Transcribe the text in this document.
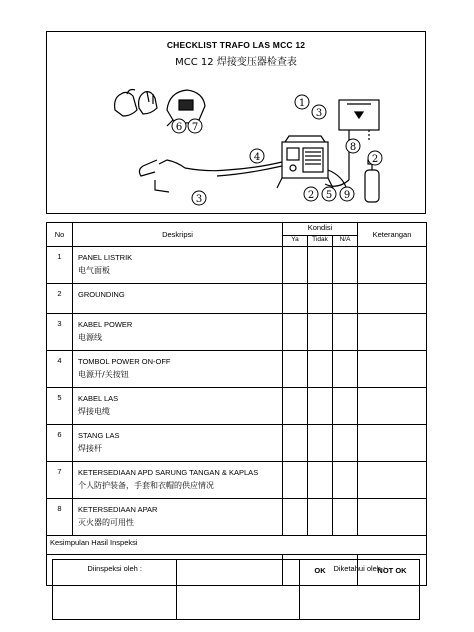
CHECKLIST TRAFO LAS MCC 12
MCC 12 焊接变压器检查表
1
3
2
4
2 5 9
6 7
3
8
No	Deskripsi	Kondisi			Keterangan
		Ya	Tidak	N/A	
1	PANEL LISTRIK
电气面板				

2	GROUNDING				

3	KABEL POWER
电源线				

4	TOMBOL POWER ON-OFF
电源开/关按钮				

5	KABEL LAS
焊接电缆				

6	STANG LAS
焊接杆				

7	KETERSEDIAAN APD SARUNG TANGAN & KAPLAS
个人防护装备，手套和衣帽的供应情况				

8	KETERSEDIAAN APAR
灭火器的可用性				

Kesimpulan Hasil Inspeksi					
		OK			NOT OK
Diinspeksi oleh :	Diketahui oleh :
